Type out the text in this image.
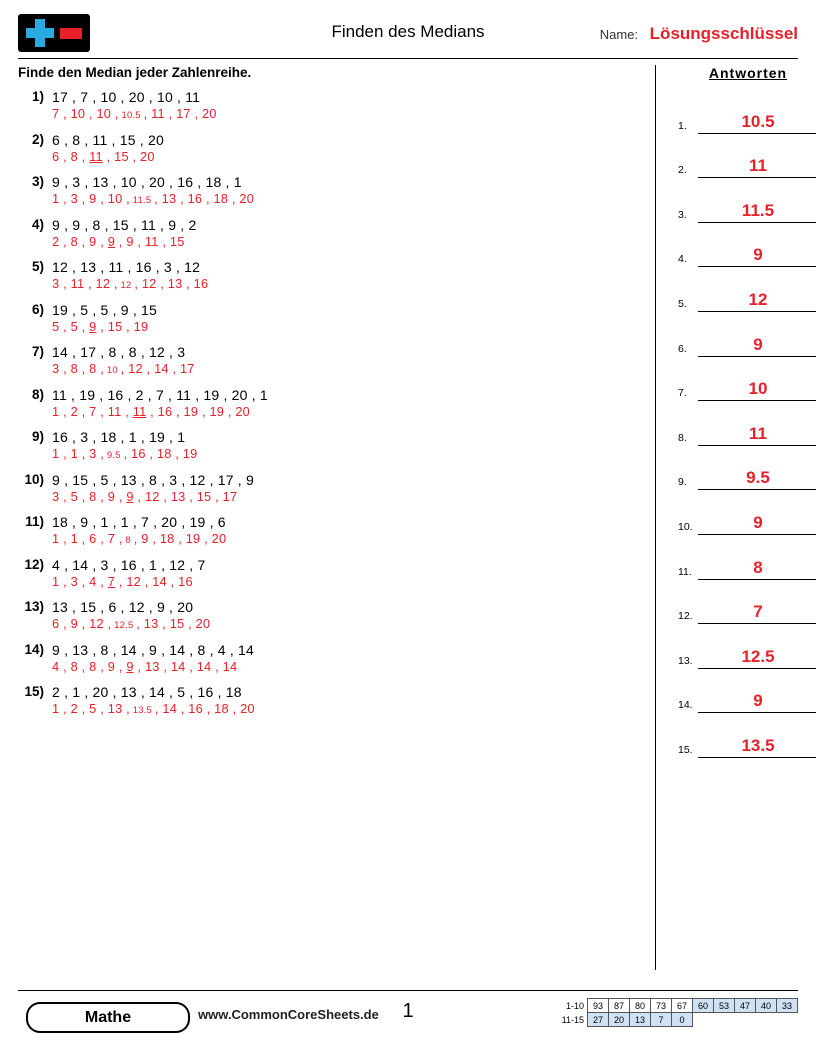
Finden des Medians	Name: Lösungsschlüssel
Finde den Median jeder Zahlenreihe.
1) 17 , 7 , 10 , 20 , 10 , 11
7 , 10 , 10 , 10.5 , 11 , 17 , 20
2) 6 , 8 , 11 , 15 , 20
6 , 8 , 11 , 15 , 20
3) 9 , 3 , 13 , 10 , 20 , 16 , 18 , 1
1 , 3 , 9 , 10 , 11.5 , 13 , 16 , 18 , 20
4) 9 , 9 , 8 , 15 , 11 , 9 , 2
2 , 8 , 9 , 9 , 9 , 11 , 15
5) 12 , 13 , 11 , 16 , 3 , 12
3 , 11 , 12 , 12 , 12 , 13 , 16
6) 19 , 5 , 5 , 9 , 15
5 , 5 , 9 , 15 , 19
7) 14 , 17 , 8 , 8 , 12 , 3
3 , 8 , 8 , 10 , 12 , 14 , 17
8) 11 , 19 , 16 , 2 , 7 , 11 , 19 , 20 , 1
1 , 2 , 7 , 11 , 11 , 16 , 19 , 19 , 20
9) 16 , 3 , 18 , 1 , 19 , 1
1 , 1 , 3 , 9.5 , 16 , 18 , 19
10) 9 , 15 , 5 , 13 , 8 , 3 , 12 , 17 , 9
3 , 5 , 8 , 9 , 9 , 12 , 13 , 15 , 17
11) 18 , 9 , 1 , 1 , 7 , 20 , 19 , 6
1 , 1 , 6 , 7 , 8 , 9 , 18 , 19 , 20
12) 4 , 14 , 3 , 16 , 1 , 12 , 7
1 , 3 , 4 , 7 , 12 , 14 , 16
13) 13 , 15 , 6 , 12 , 9 , 20
6 , 9 , 12 , 12.5 , 13 , 15 , 20
14) 9 , 13 , 8 , 14 , 9 , 14 , 8 , 4 , 14
4 , 8 , 8 , 9 , 9 , 13 , 14 , 14 , 14
15) 2 , 1 , 20 , 13 , 14 , 5 , 16 , 18
1 , 2 , 5 , 13 , 13.5 , 14 , 16 , 18 , 20
Antworten
1.	10.5
2.	11
3.	11.5
4.	9
5.	12
6.	9
7.	10
8.	11
9.	9.5
10.	9
11.	8
12.	7
13.	12.5
14.	9
15.	13.5
Mathe	www.CommonCoreSheets.de	1	1-10	93	87	80	73	67	60	53	47	40	33
11-15	27	20	13	7	0					
